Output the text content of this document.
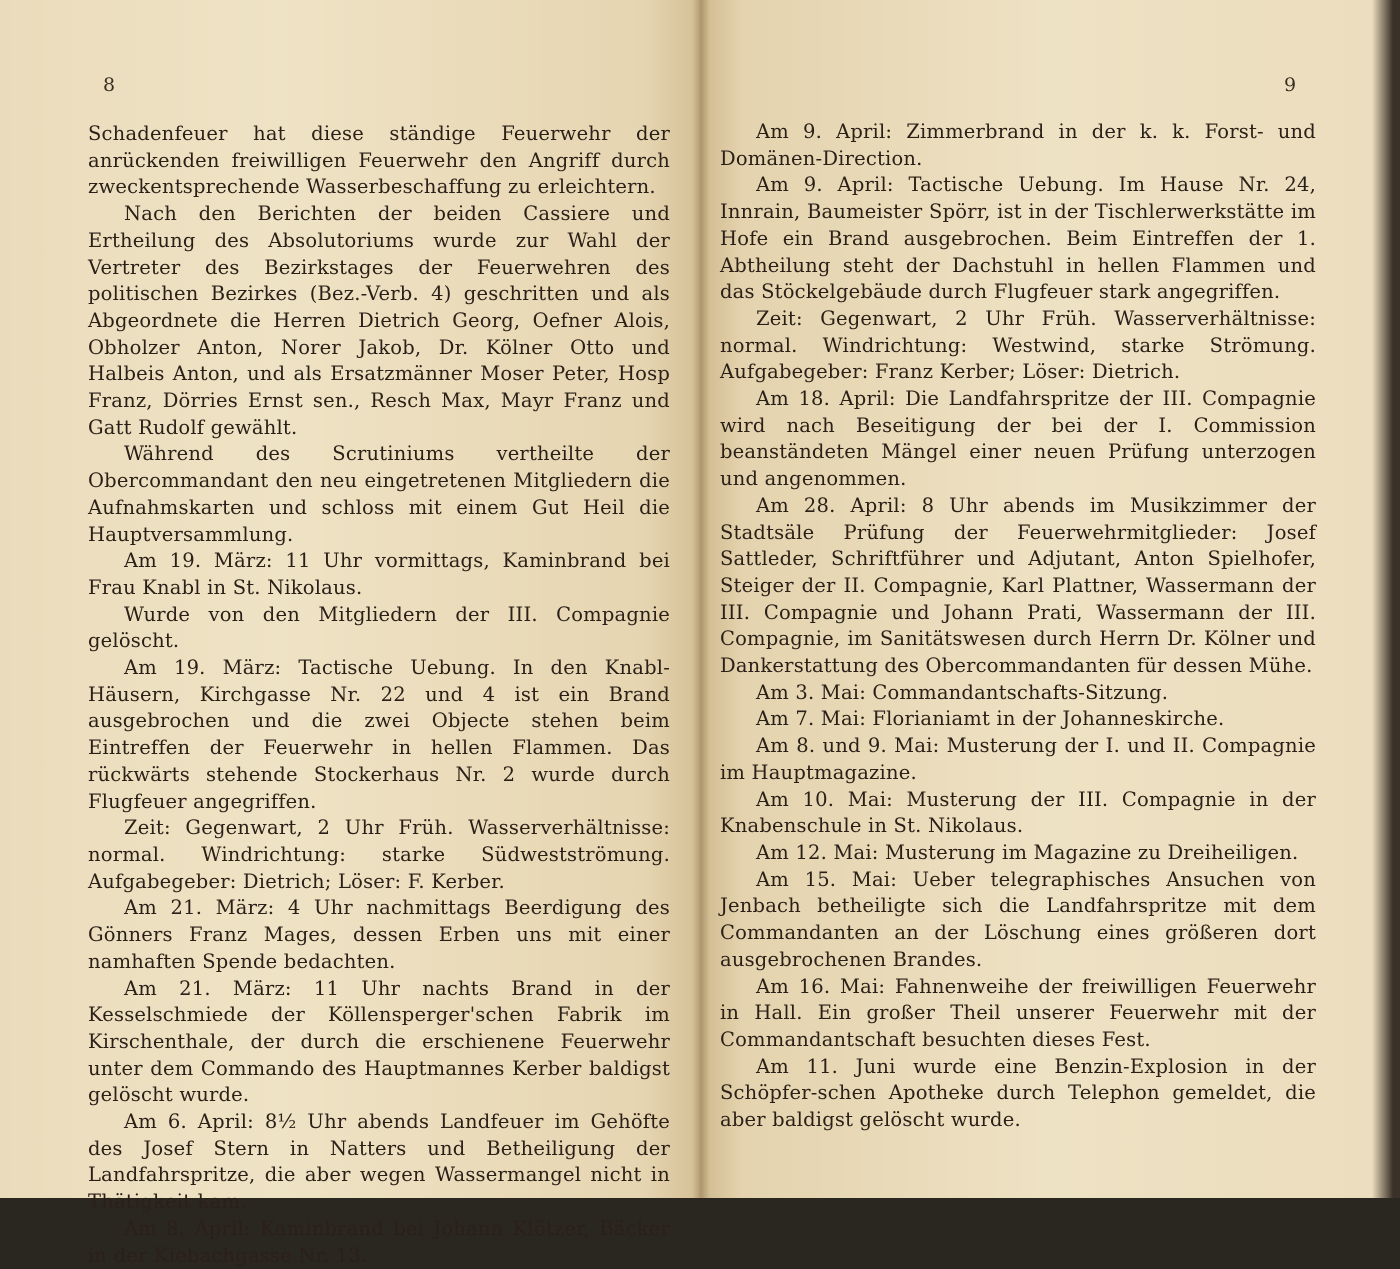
8

Schadenfeuer hat diese ständige Feuerwehr der anrückenden freiwilligen Feuerwehr den Angriff durch zweckentsprechende Wasserbeschaffung zu erleichtern.

Nach den Berichten der beiden Cassiere und Ertheilung des Absolutoriums wurde zur Wahl der Vertreter des Bezirkstages der Feuerwehren des politischen Bezirkes (Bez.-Verb. 4) geschritten und als Abgeordnete die Herren Dietrich Georg, Oefner Alois, Obholzer Anton, Norer Jakob, Dr. Kölner Otto und Halbeis Anton, und als Ersatzmänner Moser Peter, Hosp Franz, Dörries Ernst sen., Resch Max, Mayr Franz und Gatt Rudolf gewählt.

Während des Scrutiniums vertheilte der Obercommandant den neu eingetretenen Mitgliedern die Aufnahmskarten und schloss mit einem Gut Heil die Hauptversammlung.

Am 19. März: 11 Uhr vormittags, Kaminbrand bei Frau Knabl in St. Nikolaus.

Wurde von den Mitgliedern der III. Compagnie gelöscht.

Am 19. März: Tactische Uebung. In den Knabl-Häusern, Kirchgasse Nr. 22 und 4 ist ein Brand ausgebrochen und die zwei Objecte stehen beim Eintreffen der Feuerwehr in hellen Flammen. Das rückwärts stehende Stockerhaus Nr. 2 wurde durch Flugfeuer angegriffen.

Zeit: Gegenwart, 2 Uhr Früh. Wasserverhältnisse: normal. Windrichtung: starke Südwestströmung. Aufgabegeber: Dietrich; Löser: F. Kerber.

Am 21. März: 4 Uhr nachmittags Beerdigung des Gönners Franz Mages, dessen Erben uns mit einer namhaften Spende bedachten.

Am 21. März: 11 Uhr nachts Brand in der Kesselschmiede der Köllensperger'schen Fabrik im Kirschenthale, der durch die erschienene Feuerwehr unter dem Commando des Hauptmannes Kerber baldigst gelöscht wurde.

Am 6. April: 8½ Uhr abends Landfeuer im Gehöfte des Josef Stern in Natters und Betheiligung der Landfahrspritze, die aber wegen Wassermangel nicht in Thätigkeit kam.

Am 8. April: Kaminbrand bei Johann Klötzer, Bäcker in der Kiebachgasse Nr. 13.

9

Am 9. April: Zimmerbrand in der k. k. Forst- und Domänen-Direction.

Am 9. April: Tactische Uebung. Im Hause Nr. 24, Innrain, Baumeister Spörr, ist in der Tischlerwerkstätte im Hofe ein Brand ausgebrochen. Beim Eintreffen der 1. Abtheilung steht der Dachstuhl in hellen Flammen und das Stöckelgebäude durch Flugfeuer stark angegriffen.

Zeit: Gegenwart, 2 Uhr Früh. Wasserverhältnisse: normal. Windrichtung: Westwind, starke Strömung. Aufgabegeber: Franz Kerber; Löser: Dietrich.

Am 18. April: Die Landfahrspritze der III. Compagnie wird nach Beseitigung der bei der I. Commission beanständeten Mängel einer neuen Prüfung unterzogen und angenommen.

Am 28. April: 8 Uhr abends im Musikzimmer der Stadtsäle Prüfung der Feuerwehrmitglieder: Josef Sattleder, Schriftführer und Adjutant, Anton Spielhofer, Steiger der II. Compagnie, Karl Plattner, Wassermann der III. Compagnie und Johann Prati, Wassermann der III. Compagnie, im Sanitätswesen durch Herrn Dr. Kölner und Dankerstattung des Obercommandanten für dessen Mühe.

Am 3. Mai: Commandantschafts-Sitzung.

Am 7. Mai: Florianiamt in der Johanneskirche.

Am 8. und 9. Mai: Musterung der I. und II. Compagnie im Hauptmagazine.

Am 10. Mai: Musterung der III. Compagnie in der Knabenschule in St. Nikolaus.

Am 12. Mai: Musterung im Magazine zu Dreiheiligen.

Am 15. Mai: Ueber telegraphisches Ansuchen von Jenbach betheiligte sich die Landfahrspritze mit dem Commandanten an der Löschung eines größeren dort ausgebrochenen Brandes.

Am 16. Mai: Fahnenweihe der freiwilligen Feuerwehr in Hall. Ein großer Theil unserer Feuerwehr mit der Commandantschaft besuchten dieses Fest.

Am 11. Juni wurde eine Benzin-Explosion in der Schöpfer-schen Apotheke durch Telephon gemeldet, die aber baldigst gelöscht wurde.
